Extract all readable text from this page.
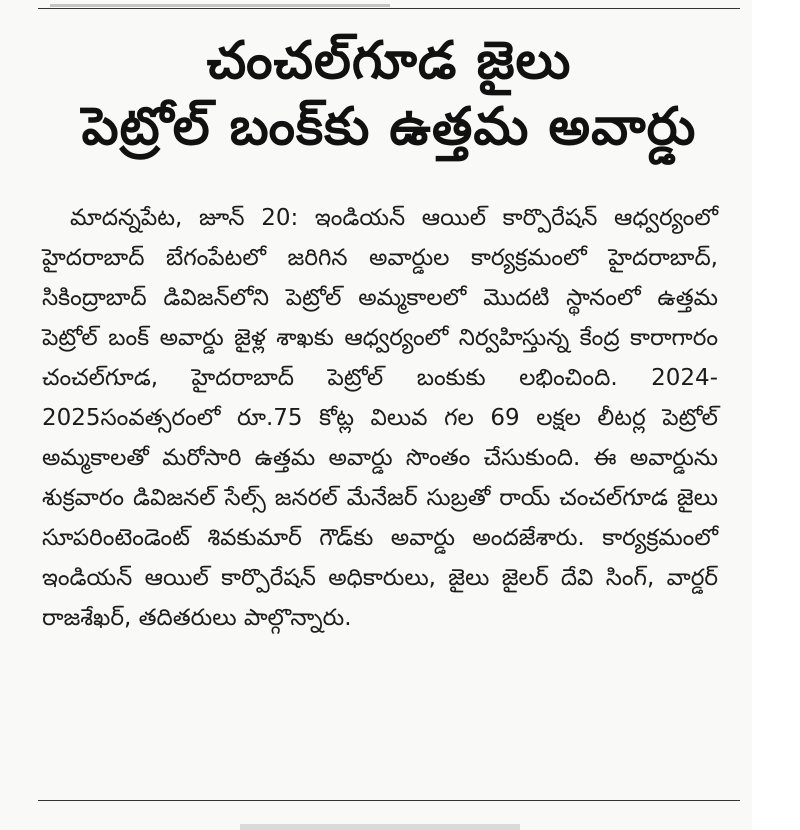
చంచల్‌గూడ జైలు
పెట్రోల్ బంక్‌కు ఉత్తమ అవార్డు

మాదన్నపేట, జూన్ 20: ఇండియన్ ఆయిల్ కార్పొరేషన్ ఆధ్వర్యంలో హైదరాబాద్ బేగంపేటలో జరిగిన అవార్డుల కార్యక్రమంలో హైదరాబాద్, సికింద్రాబాద్ డివిజన్‌లోని పెట్రోల్ అమ్మకాలలో మొదటి స్థానంలో ఉత్తమ పెట్రోల్ బంక్ అవార్డు జైళ్ల శాఖకు ఆధ్వర్యంలో నిర్వహిస్తున్న కేంద్ర కారాగారం చంచల్‌గూడ, హైదరాబాద్ పెట్రోల్ బంకుకు లభించింది. 2024-2025సంవత్సరంలో రూ.75 కోట్ల విలువ గల 69 లక్షల లీటర్ల పెట్రోల్ అమ్మకాలతో మరోసారి ఉత్తమ అవార్డు సొంతం చేసుకుంది. ఈ అవార్డును శుక్రవారం డివిజనల్ సేల్స్ జనరల్ మేనేజర్ సుబ్రతో రాయ్ చంచల్‌గూడ జైలు సూపరింటెండెంట్ శివకుమార్ గౌడ్‌కు అవార్డు అందజేశారు. కార్యక్రమంలో ఇండియన్ ఆయిల్ కార్పొరేషన్ అధికారులు, జైలు జైలర్ దేవి సింగ్, వార్డర్ రాజశేఖర్, తదితరులు పాల్గొన్నారు.
